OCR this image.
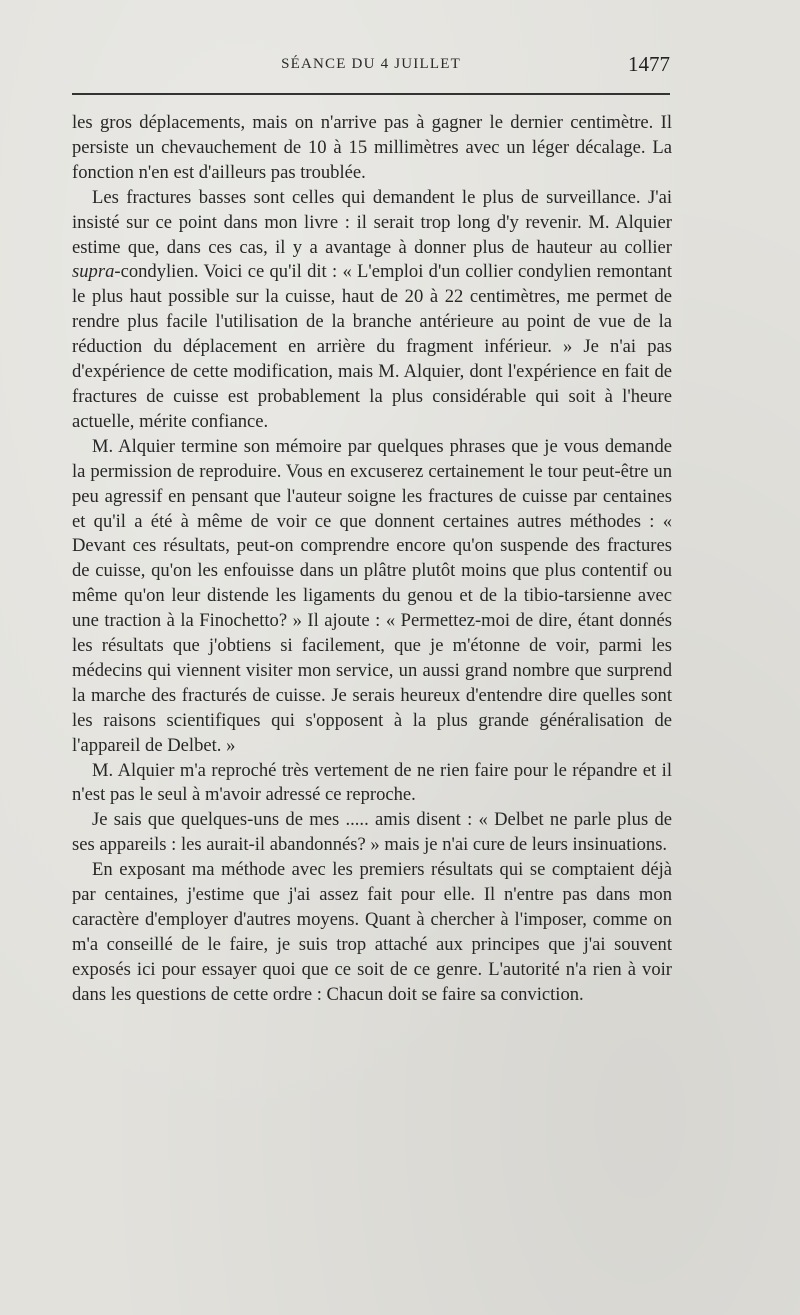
SÉANCE DU 4 JUILLET	1477

les gros déplacements, mais on n'arrive pas à gagner le dernier centimètre. Il persiste un chevauchement de 10 à 15 millimètres avec un léger décalage. La fonction n'en est d'ailleurs pas troublée.

Les fractures basses sont celles qui demandent le plus de surveillance. J'ai insisté sur ce point dans mon livre : il serait trop long d'y revenir. M. Alquier estime que, dans ces cas, il y a avantage à donner plus de hauteur au collier supra-condylien. Voici ce qu'il dit : « L'emploi d'un collier condylien remontant le plus haut possible sur la cuisse, haut de 20 à 22 centimètres, me permet de rendre plus facile l'utilisation de la branche antérieure au point de vue de la réduction du déplacement en arrière du fragment inférieur. » Je n'ai pas d'expérience de cette modification, mais M. Alquier, dont l'expérience en fait de fractures de cuisse est probablement la plus considérable qui soit à l'heure actuelle, mérite confiance.

M. Alquier termine son mémoire par quelques phrases que je vous demande la permission de reproduire. Vous en excuserez certainement le tour peut-être un peu agressif en pensant que l'auteur soigne les fractures de cuisse par centaines et qu'il a été à même de voir ce que donnent certaines autres méthodes : « Devant ces résultats, peut-on comprendre encore qu'on suspende des fractures de cuisse, qu'on les enfouisse dans un plâtre plutôt moins que plus contentif ou même qu'on leur distende les ligaments du genou et de la tibio-tarsienne avec une traction à la Finochetto? » Il ajoute : « Permettez-moi de dire, étant donnés les résultats que j'obtiens si facilement, que je m'étonne de voir, parmi les médecins qui viennent visiter mon service, un aussi grand nombre que surprend la marche des fracturés de cuisse. Je serais heureux d'entendre dire quelles sont les raisons scientifiques qui s'opposent à la plus grande généralisation de l'appareil de Delbet. »

M. Alquier m'a reproché très vertement de ne rien faire pour le répandre et il n'est pas le seul à m'avoir adressé ce reproche.

Je sais que quelques-uns de mes ..... amis disent : « Delbet ne parle plus de ses appareils : les aurait-il abandonnés? » mais je n'ai cure de leurs insinuations.

En exposant ma méthode avec les premiers résultats qui se comptaient déjà par centaines, j'estime que j'ai assez fait pour elle. Il n'entre pas dans mon caractère d'employer d'autres moyens. Quant à chercher à l'imposer, comme on m'a conseillé de le faire, je suis trop attaché aux principes que j'ai souvent exposés ici pour essayer quoi que ce soit de ce genre. L'autorité n'a rien à voir dans les questions de cette ordre : Chacun doit se faire sa conviction.
